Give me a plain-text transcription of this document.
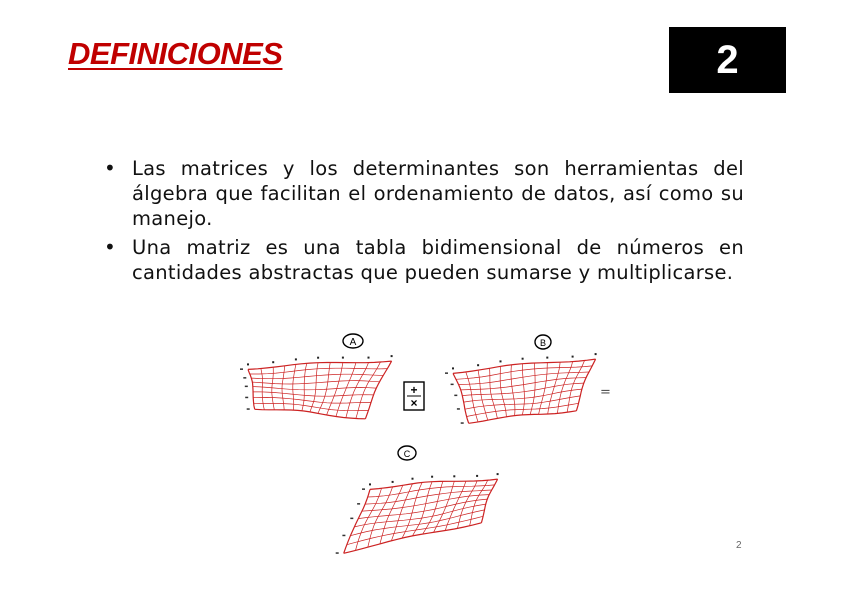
DEFINICIONES	2
• Las matrices y los determinantes son herramientas del álgebra que facilitan el ordenamiento de datos, así como su manejo.
• Una matriz es una tabla bidimensional de números en cantidades abstractas que pueden sumarse y multiplicarse.
A
+
×
B
=
C
2
